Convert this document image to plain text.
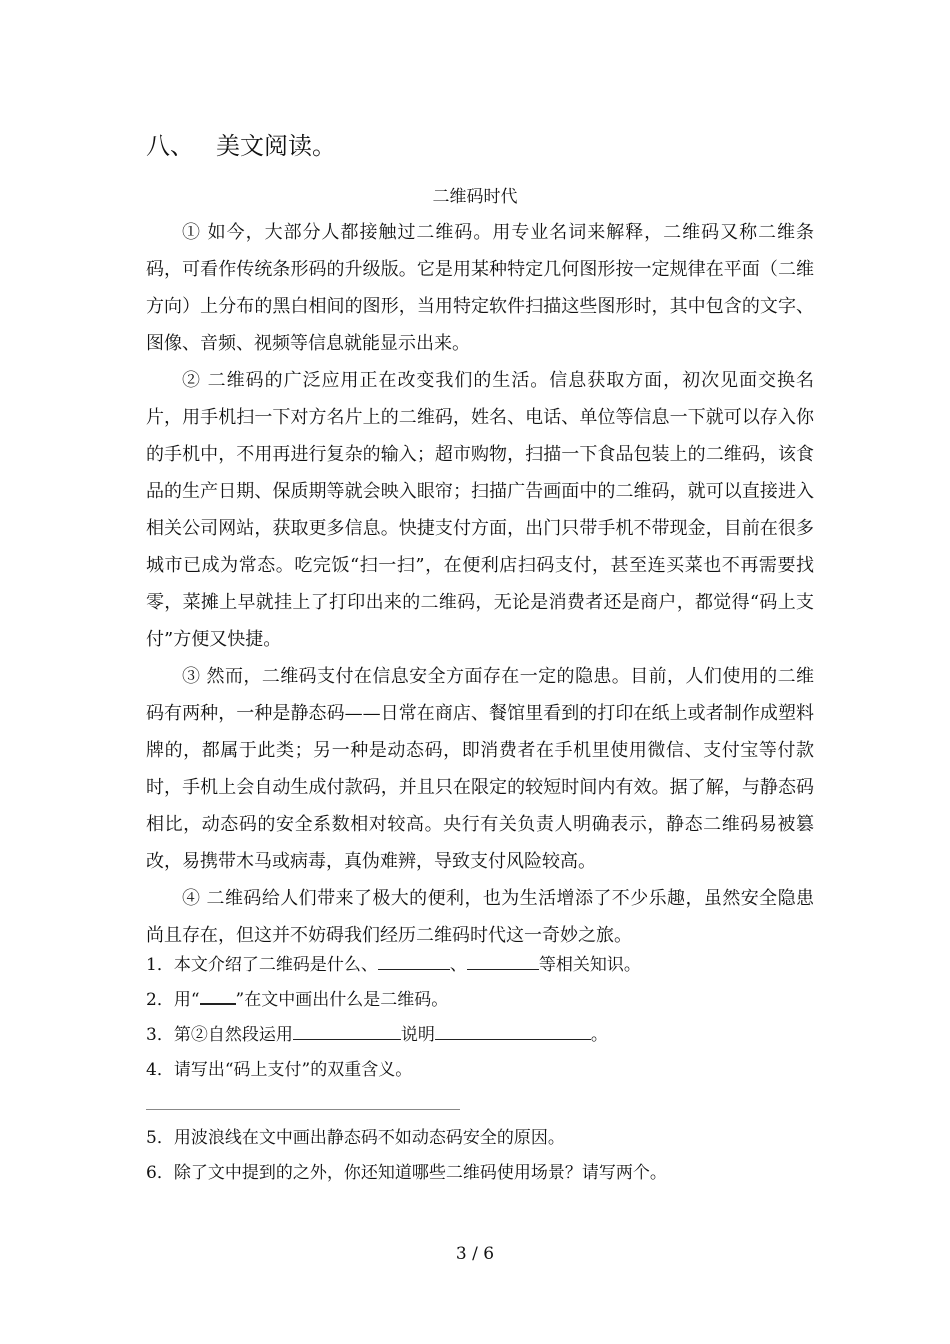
八、 美文阅读。
二维码时代

① 如今，大部分人都接触过二维码。用专业名词来解释，二维码又称二维条码，可看作传统条形码的升级版。它是用某种特定几何图形按一定规律在平面（二维方向）上分布的黑白相间的图形，当用特定软件扫描这些图形时，其中包含的文字、图像、音频、视频等信息就能显示出来。

② 二维码的广泛应用正在改变我们的生活。信息获取方面，初次见面交换名片，用手机扫一下对方名片上的二维码，姓名、电话、单位等信息一下就可以存入你的手机中，不用再进行复杂的输入；超市购物，扫描一下食品包装上的二维码，该食品的生产日期、保质期等就会映入眼帘；扫描广告画面中的二维码，就可以直接进入相关公司网站，获取更多信息。快捷支付方面，出门只带手机不带现金，目前在很多城市已成为常态。吃完饭“扫一扫”，在便利店扫码支付，甚至连买菜也不再需要找零，菜摊上早就挂上了打印出来的二维码，无论是消费者还是商户，都觉得“码上支付”方便又快捷。

③ 然而，二维码支付在信息安全方面存在一定的隐患。目前，人们使用的二维码有两种，一种是静态码——日常在商店、餐馆里看到的打印在纸上或者制作成塑料牌的，都属于此类；另一种是动态码，即消费者在手机里使用微信、支付宝等付款时，手机上会自动生成付款码，并且只在限定的较短时间内有效。据了解，与静态码相比，动态码的安全系数相对较高。央行有关负责人明确表示，静态二维码易被篡改，易携带木马或病毒，真伪难辨，导致支付风险较高。

④ 二维码给人们带来了极大的便利，也为生活增添了不少乐趣，虽然安全隐患尚且存在，但这并不妨碍我们经历二维码时代这一奇妙之旅。

1．本文介绍了二维码是什么、	、	等相关知识。
2．用“ ”在文中画出什么是二维码。
3．第②自然段运用	说明	。
4．请写出“码上支付”的双重含义。
5．用波浪线在文中画出静态码不如动态码安全的原因。
6．除了文中提到的之外，你还知道哪些二维码使用场景？请写两个。
3 / 6
